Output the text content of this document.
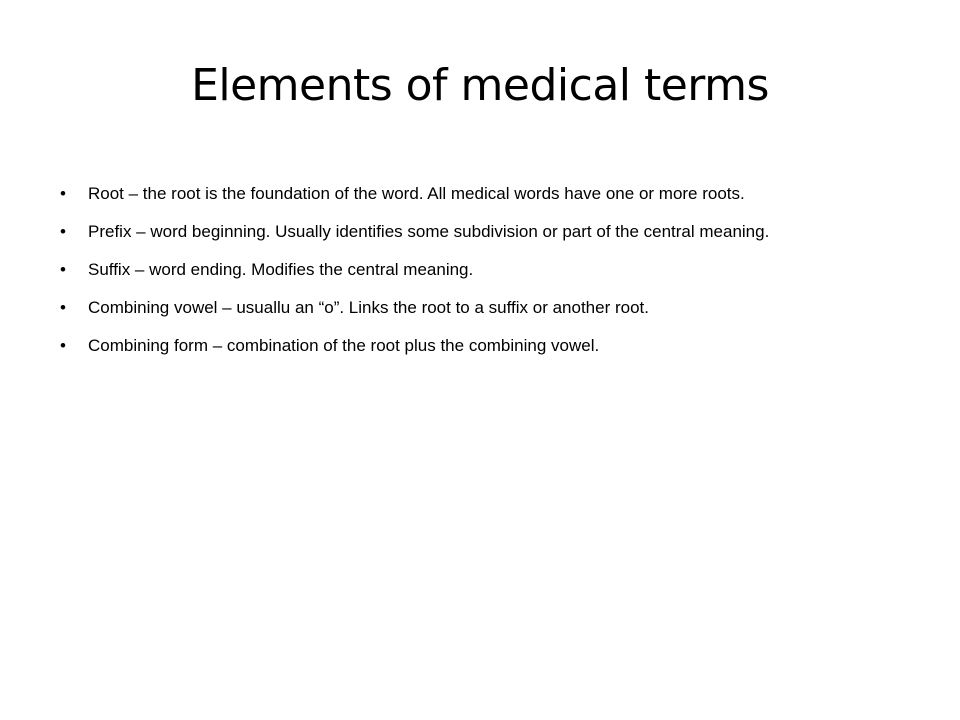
Elements of medical terms
• Root – the root is the foundation of the word. All medical words have one or more roots.
• Prefix – word beginning. Usually identifies some subdivision or part of the central meaning.
• Suffix – word ending. Modifies the central meaning.
• Combining vowel – usuallu an “o”. Links the root to a suffix or another root.
• Combining form – combination of the root plus the combining vowel.
